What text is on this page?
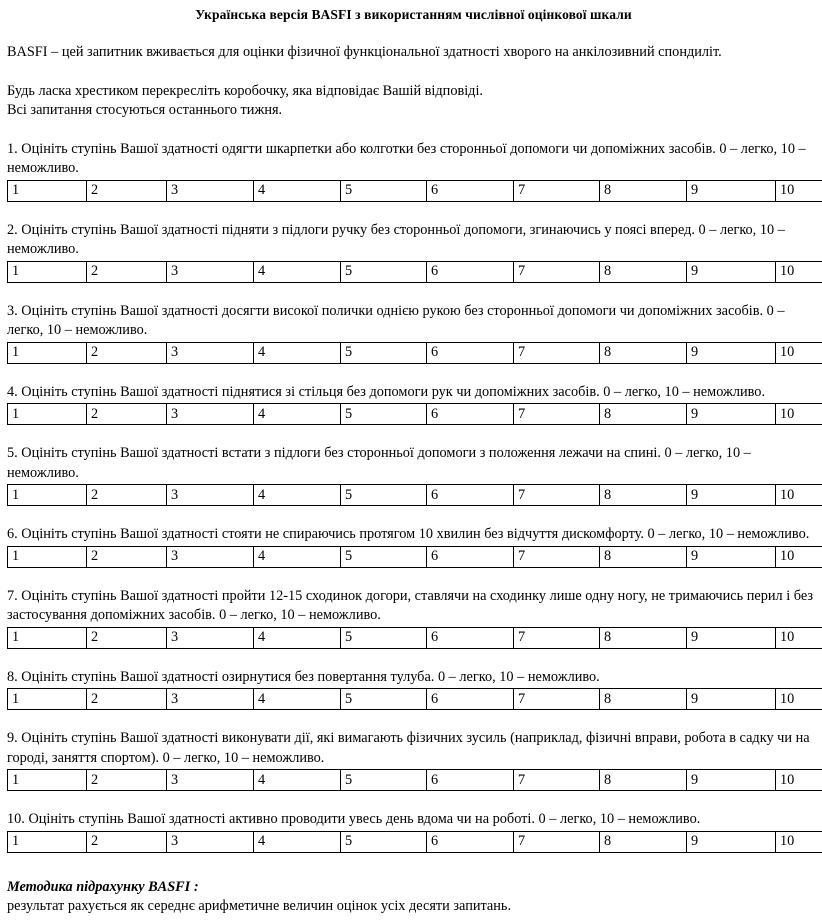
Українська версія BASFI з використанням числівної оцінкової шкали

BASFI – цей запитник вживається для оцінки фізичної функціональної здатності хворого на анкілозивний спондиліт.

Будь ласка хрестиком перекресліть коробочку, яка відповідає Вашій відповіді.
Всі запитання стосуються останнього тижня.
1. Оцініть ступінь Вашої здатності одягти шкарпетки або колготки без сторонньої допомоги чи допоміжних засобів. 0 – легко, 10 – неможливо.
1	2	3	4	5	6	7	8	9	10
2. Оцініть ступінь Вашої здатності підняти з підлоги ручку без сторонньої допомоги, згинаючись у поясі вперед. 0 – легко, 10 – неможливо.
1	2	3	4	5	6	7	8	9	10
3. Оцініть ступінь Вашої здатності досягти високої полички однією рукою без сторонньої допомоги чи допоміжних засобів. 0 – легко, 10 – неможливо.
1	2	3	4	5	6	7	8	9	10
4. Оцініть ступінь Вашої здатності піднятися зі стільця без допомоги рук чи допоміжних засобів. 0 – легко, 10 – неможливо.
1	2	3	4	5	6	7	8	9	10
5. Оцініть ступінь Вашої здатності встати з підлоги без сторонньої допомоги з положення лежачи на спині. 0 – легко, 10 – неможливо.
1	2	3	4	5	6	7	8	9	10
6. Оцініть ступінь Вашої здатності стояти не спираючись протягом 10 хвилин без відчуття дискомфорту. 0 – легко, 10 – неможливо.
1	2	3	4	5	6	7	8	9	10
7. Оцініть ступінь Вашої здатності пройти 12-15 сходинок догори, ставлячи на сходинку лише одну ногу, не тримаючись перил і без застосування допоміжних засобів. 0 – легко, 10 – неможливо.
1	2	3	4	5	6	7	8	9	10
8. Оцініть ступінь Вашої здатності озирнутися без повертання тулуба. 0 – легко, 10 – неможливо.
1	2	3	4	5	6	7	8	9	10
9. Оцініть ступінь Вашої здатності виконувати дії, які вимагають фізичних зусиль (наприклад, фізичні вправи, робота в садку чи на городі, заняття спортом). 0 – легко, 10 – неможливо.
1	2	3	4	5	6	7	8	9	10
10. Оцініть ступінь Вашої здатності активно проводити увесь день вдома чи на роботі. 0 – легко, 10 – неможливо.
1	2	3	4	5	6	7	8	9	10

Методика підрахунку BASFI :

результат рахується як середнє арифметичне величин оцінок усіх десяти запитань.
